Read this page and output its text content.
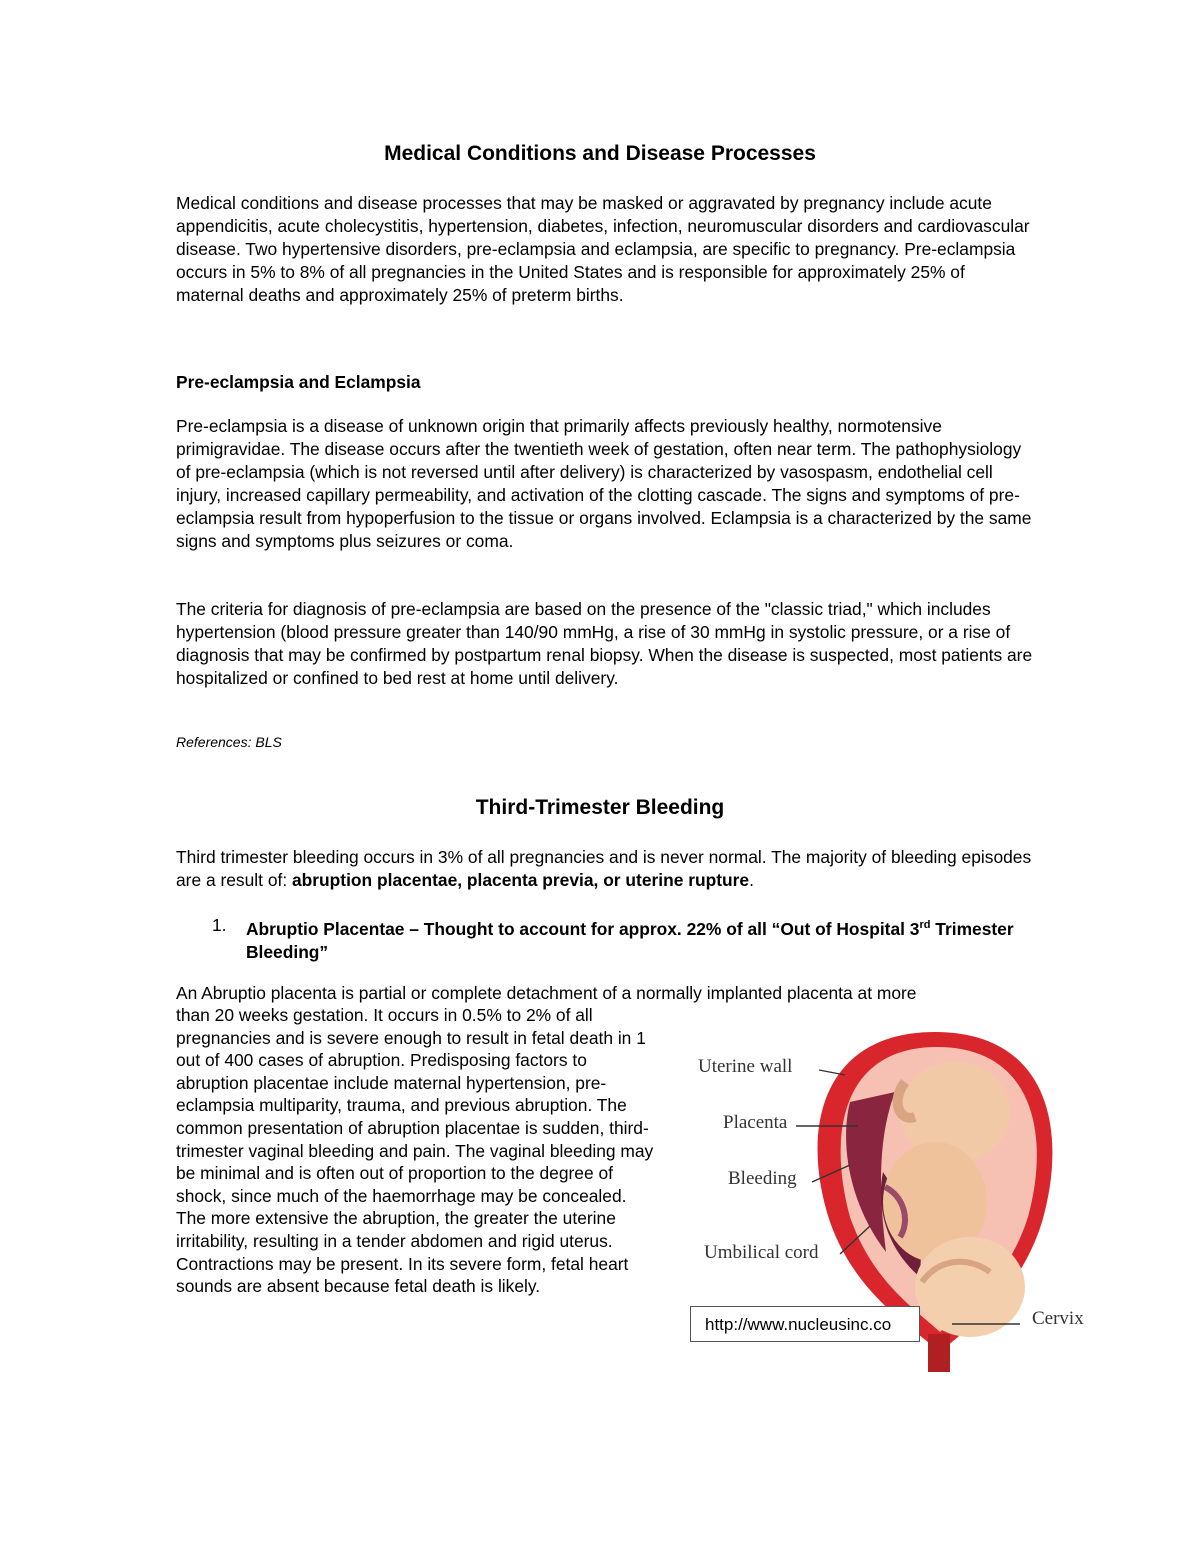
Medical Conditions and Disease Processes

Medical conditions and disease processes that may be masked or aggravated by pregnancy include acute appendicitis, acute cholecystitis, hypertension, diabetes, infection, neuromuscular disorders and cardiovascular disease. Two hypertensive disorders, pre-eclampsia and eclampsia, are specific to pregnancy. Pre-eclampsia occurs in 5% to 8% of all pregnancies in the United States and is responsible for approximately 25% of maternal deaths and approximately 25% of preterm births.

Pre-eclampsia and Eclampsia

Pre-eclampsia is a disease of unknown origin that primarily affects previously healthy, normotensive primigravidae. The disease occurs after the twentieth week of gestation, often near term. The pathophysiology of pre-eclampsia (which is not reversed until after delivery) is characterized by vasospasm, endothelial cell injury, increased capillary permeability, and activation of the clotting cascade. The signs and symptoms of pre-eclampsia result from hypoperfusion to the tissue or organs involved. Eclampsia is a characterized by the same signs and symptoms plus seizures or coma.

The criteria for diagnosis of pre-eclampsia are based on the presence of the "classic triad," which includes hypertension (blood pressure greater than 140/90 mmHg, a rise of 30 mmHg in systolic pressure, or a rise of diagnosis that may be confirmed by postpartum renal biopsy. When the disease is suspected, most patients are hospitalized or confined to bed rest at home until delivery.

References: BLS

Third-Trimester Bleeding

Third trimester bleeding occurs in 3% of all pregnancies and is never normal. The majority of bleeding episodes are a result of: abruption placentae, placenta previa, or uterine rupture.

1.	Abruptio Placentae – Thought to account for approx. 22% of all “Out of Hospital 3rd Trimester Bleeding”

An Abruptio placenta is partial or complete detachment of a normally implanted placenta at more

than 20 weeks gestation. It occurs in 0.5% to 2% of all pregnancies and is severe enough to result in fetal death in 1 out of 400 cases of abruption. Predisposing factors to abruption placentae include maternal hypertension, pre-eclampsia multiparity, trauma, and previous abruption. The common presentation of abruption placentae is sudden, third-trimester vaginal bleeding and pain. The vaginal bleeding may be minimal and is often out of proportion to the degree of shock, since much of the haemorrhage may be concealed. The more extensive the abruption, the greater the uterine irritability, resulting in a tender abdomen and rigid uterus. Contractions may be present. In its severe form, fetal heart sounds are absent because fetal death is likely.

Uterine wall
Placenta
Bleeding
Umbilical cord
Cervix
http://www.nucleusinc.co
